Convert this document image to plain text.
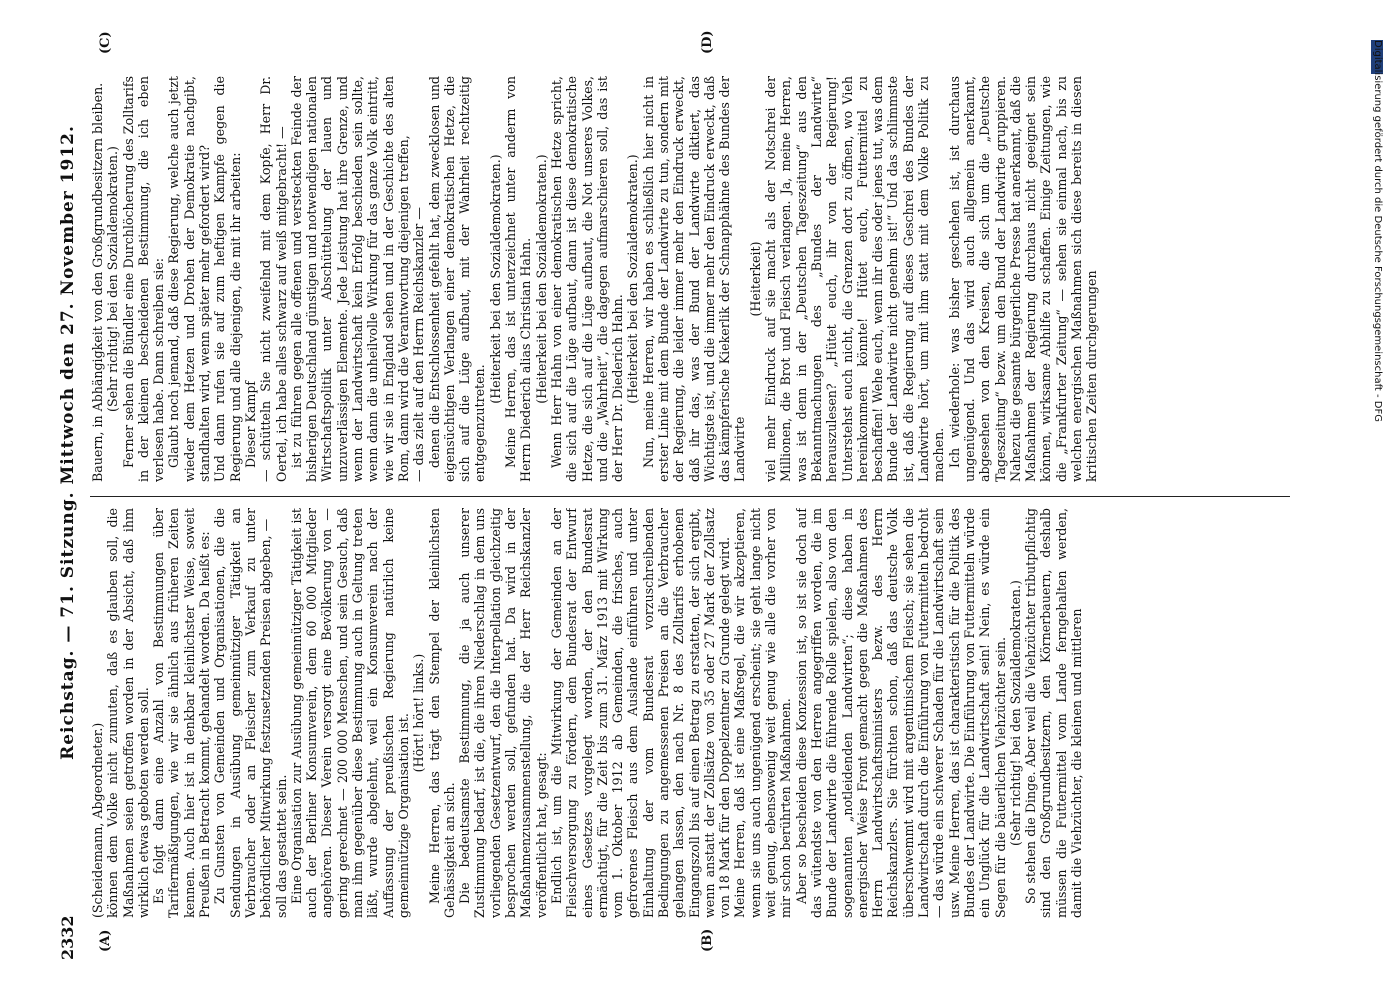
2332
Reichstag. — 71. Sitzung. Mittwoch den 27. November 1912.
(A)	(B)
(C)	(D)

(Scheidemann, Abgeordneter.) können dem Volke nicht zumuten, daß es glauben soll, die Maßnahmen seien getroffen worden in der Absicht, daß ihm wirklich etwas geboten werden soll. Es folgt dann eine Anzahl von Bestimmungen über Tarifermäßigungen, wie wir sie ähnlich aus früheren Zeiten kennen. Auch hier ist in denkbar kleinlichster Weise, soweit Preußen in Betracht kommt, gehandelt worden. Da heißt es: Zu Gunsten von Gemeinden und Organisationen, die die Sendungen in Ausübung gemeinnütziger Tätigkeit an Verbraucher oder an Fleischer zum Verkauf zu unter behördlicher Mitwirkung festzusetzenden Preisen abgeben, — soll das gestattet sein. Eine Organisation zur Ausübung gemeinnütziger Tätigkeit ist auch der Berliner Konsumverein, dem 60 000 Mitglieder angehören. Dieser Verein versorgt eine Bevölkerung von — gering gerechnet — 200 000 Menschen, und sein Gesuch, daß man ihm gegenüber diese Bestimmung auch in Geltung treten läßt, wurde abgelehnt, weil ein Konsumverein nach der Auffassung der preußischen Regierung natürlich keine gemeinnützige Organisation ist.

(Hört! hört! links.) Meine Herren, das trägt den Stempel der kleinlichsten Gehässigkeit an sich. Die bedeutsamste Bestimmung, die ja auch unserer Zustimmung bedarf, ist die, die ihren Niederschlag in dem uns vorliegenden Gesetzentwurf, den die Interpellation gleichzeitig besprochen werden soll, gefunden hat. Da wird in der Maßnahmenzusammenstellung, die der Herr Reichskanzler veröffentlicht hat, gesagt: Endlich ist, um die Mitwirkung der Gemeinden an der Fleischversorgung zu fördern, dem Bundesrat der Entwurf eines Gesetzes vorgelegt worden, der den Bundesrat ermächtigt, für die Zeit bis zum 31. März 1913 mit Wirkung vom 1. Oktober 1912 ab Gemeinden, die frisches, auch gefrorenes Fleisch aus dem Auslande einführen und unter Einhaltung der vom Bundesrat vorzuschreibenden Bedingungen zu angemessenen Preisen an die Verbraucher gelangen lassen, den nach Nr. 8 des Zolltarifs erhobenen Eingangszoll bis auf einen Betrag zu erstatten, der sich ergibt, wenn anstatt der Zollsätze von 35 oder 27 Mark der Zollsatz von 18 Mark für den Doppelzentner zu Grunde gelegt wird. Meine Herren, daß ist eine Maßregel, die wir akzeptieren, wenn sie uns auch ungenügend erscheint; sie geht lange nicht weit genug, ebensowenig weit genug wie alle die vorher von mir schon berührten Maßnahmen. Aber so bescheiden diese Konzession ist, so ist sie doch auf das wütendste von den Herren angegriffen worden, die im Bunde der Landwirte die führende Rolle spielen, also von den sogenannten „notleidenden Landwirten“; diese haben in energischer Weise Front gemacht gegen die Maßnahmen des Herrn Landwirtschaftsministers bezw. des Herrn Reichskanzlers. Sie fürchten schon, daß das deutsche Volk überschwemmt wird mit argentinischem Fleisch; sie sehen die Landwirtschaft durch die Einführung von Futtermitteln bedroht — das würde ein schwerer Schaden für die Landwirtschaft sein usw. Meine Herren, das ist charakteristisch für die Politik des Bundes der Landwirte. Die Einführung von Futtermitteln würde ein Unglück für die Landwirtschaft sein! Nein, es würde ein Segen für die bäuerlichen Viehzüchter sein. (Sehr richtig! bei den Sozialdemokraten.) So stehen die Dinge. Aber weil die Viehzüchter tributpflichtig sind den Großgrundbesitzern, den Körnerbauern, deshalb müssen die Futtermittel vom Lande ferngehalten werden, damit die Viehzüchter, die kleinen und mittleren

Bauern, in Abhängigkeit von den Großgrundbesitzern bleiben. (Sehr richtig! bei den Sozialdemokraten.) Ferner sehen die Bündler eine Durchlöcherung des Zolltarifs in der kleinen bescheidenen Bestimmung, die ich eben verlesen habe. Dann schreiben sie: Glaubt noch jemand, daß diese Regierung, welche auch jetzt wieder dem Hetzen und Drohen der Demokratie nachgibt, standhalten wird, wenn später mehr gefordert wird? Und dann rufen sie auf zum heftigen Kampfe gegen die Regierung und alle diejenigen, die mit ihr arbeiten: Dieser Kampf — schütteln Sie nicht zweifelnd mit dem Kopfe, Herr Dr. Oertel, ich habe alles schwarz auf weiß mitgebracht! — ist zu führen gegen alle offenen und versteckten Feinde der bisherigen Deutschland günstigen und notwendigen nationalen Wirtschaftspolitik unter Abschüttelung der lauen und unzuverlässigen Elemente. Jede Leistung hat ihre Grenze, und wenn der Landwirtschaft kein Erfolg beschieden sein sollte, wenn dann die unheilvolle Wirkung für das ganze Volk eintritt, wie wir sie in England sehen und in der Geschichte des alten Rom, dann wird die Verantwortung diejenigen treffen, — das zielt auf den Herrn Reichskanzler — denen die Entschlossenheit gefehlt hat, dem zwecklosen und eigensüchtigen Verlangen einer demokratischen Hetze, die sich auf die Lüge aufbaut, mit der Wahrheit rechtzeitig entgegenzutreten.

(Heiterkeit bei den Sozialdemokraten.) Meine Herren, das ist unterzeichnet unter anderm von Herrn Diederich alias Christian Hahn. (Heiterkeit bei den Sozialdemokraten.) Wenn Herr Hahn von einer demokratischen Hetze spricht, die sich auf die Lüge aufbaut, dann ist diese demokratische Hetze, die sich auf die Lüge aufbaut, die Not unseres Volkes, und die „Wahrheit“, die dagegen aufmarschieren soll, das ist der Herr Dr. Diederich Hahn. (Heiterkeit bei den Sozialdemokraten.) Nun, meine Herren, wir haben es schließlich hier nicht in erster Linie mit dem Bunde der Landwirte zu tun, sondern mit der Regierung, die leider immer mehr den Eindruck erweckt, daß ihr das, was der Bund der Landwirte diktiert, das Wichtigste ist, und die immer mehr den Eindruck erweckt, daß das kämpferische Kiekerlik der Schnapphähne des Bundes der Landwirte

(Heiterkeit) viel mehr Eindruck auf sie macht als der Notschrei der Millionen, die Brot und Fleisch verlangen. Ja, meine Herren, was ist denn in der „Deutschen Tageszeitung“ aus den Bekanntmachungen des „Bundes der Landwirte“ herauszulesen? „Hütet euch, ihr von der Regierung! Unterstehst euch nicht, die Grenzen dort zu öffnen, wo Vieh hereinkommen könnte! Hütet euch, Futtermittel zu beschaffen! Wehe euch, wenn ihr dies oder jenes tut, was dem Bunde der Landwirte nicht genehm ist!“ Und das schlimmste ist, daß die Regierung auf dieses Geschrei des Bundes der Landwirte hört, um mit ihm statt mit dem Volke Politik zu machen. Ich wiederhole: was bisher geschehen ist, ist durchaus ungenügend. Und das wird auch allgemein anerkannt, abgesehen von den Kreisen, die sich um die „Deutsche Tageszeitung“ bezw. um den Bund der Landwirte gruppieren. Nahezu die gesamte bürgerliche Presse hat anerkannt, daß die Maßnahmen der Regierung durchaus nicht geeignet sein können, wirksame Abhilfe zu schaffen. Einige Zeitungen, wie die „Frankfurter Zeitung“ — sehen sie einmal nach, bis zu welchen energischen Maßnahmen sich diese bereits in diesen kritischen Zeiten durchgerungen	Digitalisierung gefördert durch die Deutsche Forschungsgemeinschaft - DFG
